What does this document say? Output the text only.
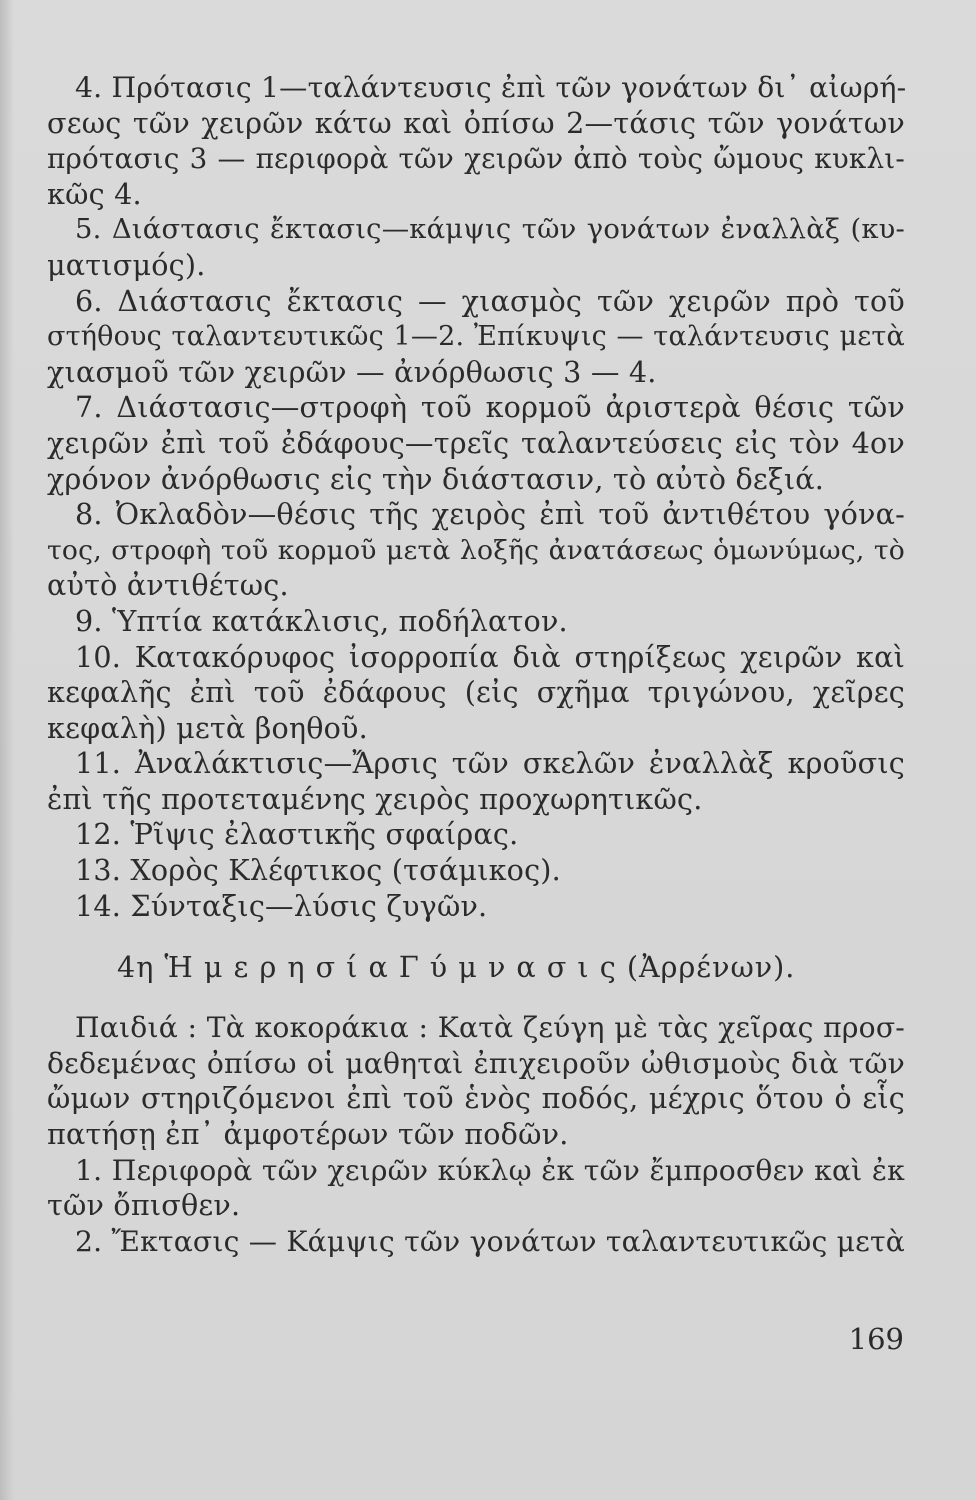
4. Πρότασις 1—ταλάντευσις ἐπὶ τῶν γονάτων δι᾽ αἰωρή-
σεως τῶν χειρῶν κάτω καὶ ὀπίσω 2—τάσις τῶν γονάτων
πρότασις 3 — περιφορὰ τῶν χειρῶν ἀπὸ τοὺς ὤμους κυκλι-
κῶς 4.
5. Διάστασις ἔκτασις—κάμψις τῶν γονάτων ἐναλλὰξ (κυ-
ματισμός).
6. Διάστασις ἔκτασις — χιασμὸς τῶν χειρῶν πρὸ τοῦ
στήθους ταλαντευτικῶς 1—2. Ἐπίκυψις — ταλάντευσις μετὰ
χιασμοῦ τῶν χειρῶν — ἀνόρθωσις 3 — 4.
7. Διάστασις—στροφὴ τοῦ κορμοῦ ἀριστερὰ θέσις τῶν
χειρῶν ἐπὶ τοῦ ἐδάφους—τρεῖς ταλαντεύσεις εἰς τὸν 4ον
χρόνον ἀνόρθωσις εἰς τὴν διάστασιν, τὸ αὐτὸ δεξιά.
8. Ὀκλαδὸν—θέσις τῆς χειρὸς ἐπὶ τοῦ ἀντιθέτου γόνα-
τος, στροφὴ τοῦ κορμοῦ μετὰ λοξῆς ἀνατάσεως ὁμωνύμως, τὸ
αὐτὸ ἀντιθέτως.
9. Ὑπτία κατάκλισις, ποδήλατον.
10. Κατακόρυφος ἰσορροπία διὰ στηρίξεως χειρῶν καὶ
κεφαλῆς ἐπὶ τοῦ ἐδάφους (εἰς σχῆμα τριγώνου, χεῖρες
κεφαλὴ) μετὰ βοηθοῦ.
11. Ἀναλάκτισις—Ἄρσις τῶν σκελῶν ἐναλλὰξ κροῦσις
ἐπὶ τῆς προτεταμένης χειρὸς προχωρητικῶς.
12. Ῥῖψις ἐλαστικῆς σφαίρας.
13. Χορὸς Κλέφτικος (τσάμικος).
14. Σύνταξις—λύσις ζυγῶν.
4η Ἡ μ ε ρ η σ ί α Γ ύ μ ν α σ ι ς (Ἀρρένων).
Παιδιά : Τὰ κοκοράκια : Κατὰ ζεύγη μὲ τὰς χεῖρας προσ-
δεδεμένας ὀπίσω οἱ μαθηταὶ ἐπιχειροῦν ὠθισμοὺς διὰ τῶν
ὤμων στηριζόμενοι ἐπὶ τοῦ ἑνὸς ποδός, μέχρις ὅτου ὁ εἷς
πατήσῃ ἐπ᾽ ἀμφοτέρων τῶν ποδῶν.
1. Περιφορὰ τῶν χειρῶν κύκλῳ ἐκ τῶν ἔμπροσθεν καὶ ἐκ
τῶν ὄπισθεν.
2. Ἔκτασις — Κάμψις τῶν γονάτων ταλαντευτικῶς μετὰ
169
